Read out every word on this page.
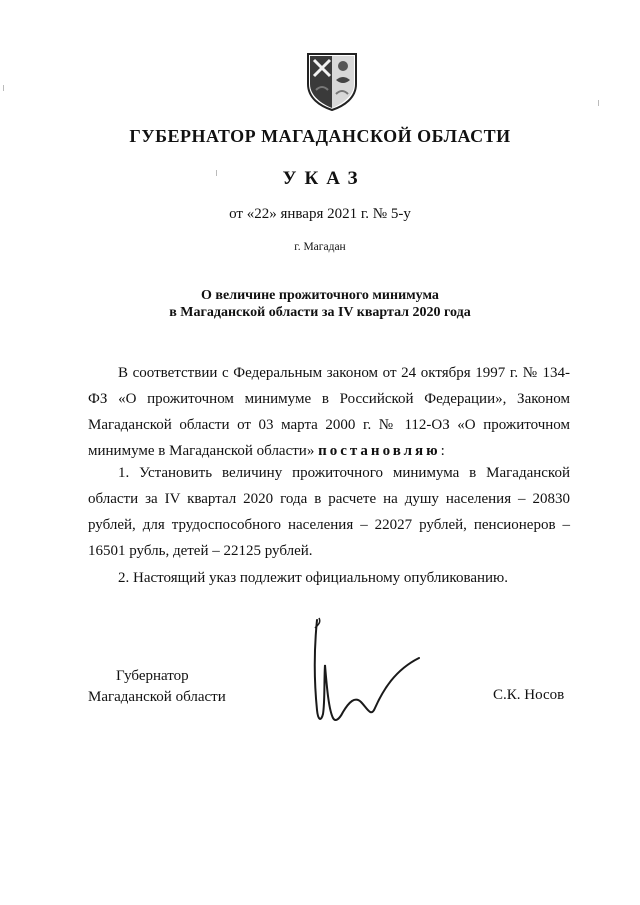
ГУБЕРНАТОР МАГАДАНСКОЙ ОБЛАСТИ
УКАЗ
от «22» января 2021 г. № 5-у
г. Магадан
О величине прожиточного минимума
в Магаданской области за IV квартал 2020 года
В соответствии с Федеральным законом от 24 октября 1997 г. № 134-ФЗ «О прожиточном минимуме в Российской Федерации», Законом Магаданской области от 03 марта 2000 г. № 112-ОЗ «О прожиточном минимуме в Магаданской области» постановляю:
1. Установить величину прожиточного минимума в Магаданской области за IV квартал 2020 года в расчете на душу населения – 20830 рублей, для трудоспособного населения – 22027 рублей, пенсионеров – 16501 рубль, детей – 22125 рублей.
2. Настоящий указ подлежит официальному опубликованию.
Губернатор
Магаданской области	С.К. Носов
